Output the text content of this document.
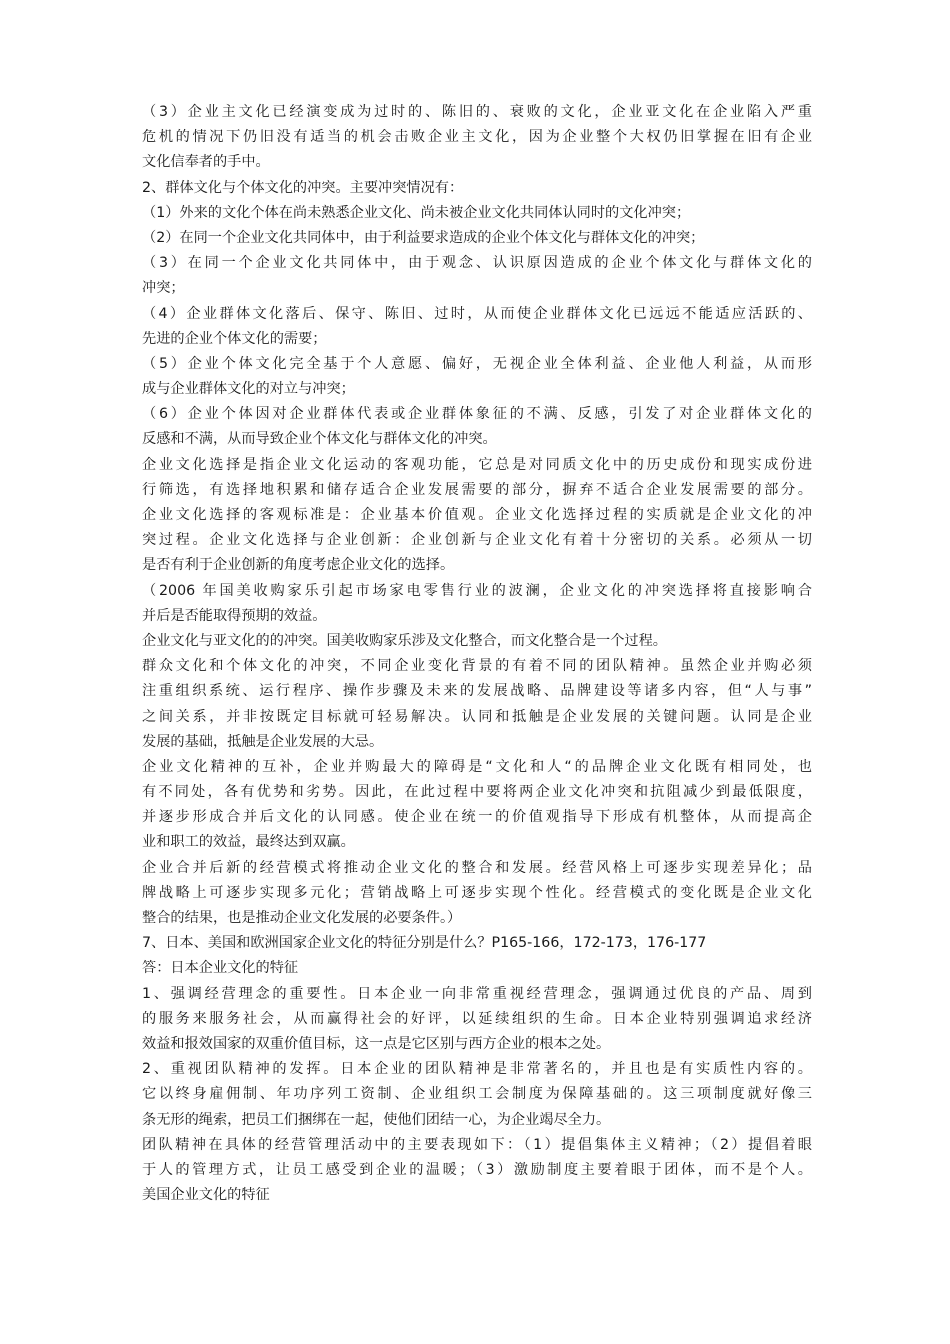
（3）企业主文化已经演变成为过时的、陈旧的、衰败的文化，企业亚文化在企业陷入严重
危机的情况下仍旧没有适当的机会击败企业主文化，因为企业整个大权仍旧掌握在旧有企业
文化信奉者的手中。
2、群体文化与个体文化的冲突。主要冲突情况有：
（1）外来的文化个体在尚未熟悉企业文化、尚未被企业文化共同体认同时的文化冲突；
（2）在同一个企业文化共同体中，由于利益要求造成的企业个体文化与群体文化的冲突；
（3）在同一个企业文化共同体中，由于观念、认识原因造成的企业个体文化与群体文化的
冲突；
（4）企业群体文化落后、保守、陈旧、过时，从而使企业群体文化已远远不能适应活跃的、
先进的企业个体文化的需要；
（5）企业个体文化完全基于个人意愿、偏好，无视企业全体利益、企业他人利益，从而形
成与企业群体文化的对立与冲突；
（6）企业个体因对企业群体代表或企业群体象征的不满、反感，引发了对企业群体文化的
反感和不满，从而导致企业个体文化与群体文化的冲突。
企业文化选择是指企业文化运动的客观功能，它总是对同质文化中的历史成份和现实成份进
行筛选，有选择地积累和储存适合企业发展需要的部分，摒弃不适合企业发展需要的部分。
企业文化选择的客观标准是：企业基本价值观。企业文化选择过程的实质就是企业文化的冲
突过程。企业文化选择与企业创新：企业创新与企业文化有着十分密切的关系。必须从一切
是否有利于企业创新的角度考虑企业文化的选择。
（2006 年国美收购家乐引起市场家电零售行业的波澜，企业文化的冲突选择将直接影响合
并后是否能取得预期的效益。
企业文化与亚文化的的冲突。国美收购家乐涉及文化整合，而文化整合是一个过程。
群众文化和个体文化的冲突，不同企业变化背景的有着不同的团队精神。虽然企业并购必须
注重组织系统、运行程序、操作步骤及未来的发展战略、品牌建设等诸多内容，但“人与事”
之间关系，并非按既定目标就可轻易解决。认同和抵触是企业发展的关键问题。认同是企业
发展的基础，抵触是企业发展的大忌。
企业文化精神的互补，企业并购最大的障碍是“文化和人“的品牌企业文化既有相同处，也
有不同处，各有优势和劣势。因此，在此过程中要将两企业文化冲突和抗阻减少到最低限度，
并逐步形成合并后文化的认同感。使企业在统一的价值观指导下形成有机整体，从而提高企
业和职工的效益，最终达到双赢。
企业合并后新的经营模式将推动企业文化的整合和发展。经营风格上可逐步实现差异化；品
牌战略上可逐步实现多元化；营销战略上可逐步实现个性化。经营模式的变化既是企业文化
整合的结果，也是推动企业文化发展的必要条件。）
7、日本、美国和欧洲国家企业文化的特征分别是什么？P165-166，172-173，176-177
答：日本企业文化的特征
1、强调经营理念的重要性。日本企业一向非常重视经营理念，强调通过优良的产品、周到
的服务来服务社会，从而赢得社会的好评，以延续组织的生命。日本企业特别强调追求经济
效益和报效国家的双重价值目标，这一点是它区别与西方企业的根本之处。
2、重视团队精神的发挥。日本企业的团队精神是非常著名的，并且也是有实质性内容的。
它以终身雇佣制、年功序列工资制、企业组织工会制度为保障基础的。这三项制度就好像三
条无形的绳索，把员工们捆绑在一起，使他们团结一心，为企业竭尽全力。
团队精神在具体的经营管理活动中的主要表现如下：（1）提倡集体主义精神；（2）提倡着眼
于人的管理方式，让员工感受到企业的温暖；（3）激励制度主要着眼于团体，而不是个人。
美国企业文化的特征
